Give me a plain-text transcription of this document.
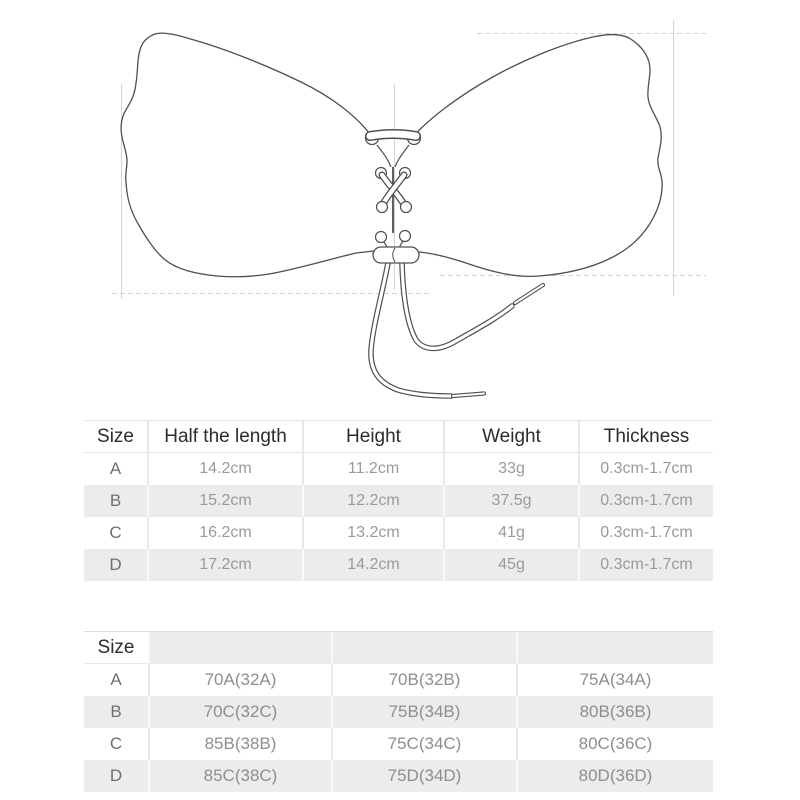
Size	Half the length	Height	Weight	Thickness
A	14.2cm	11.2cm	33g	0.3cm-1.7cm
B	15.2cm	12.2cm	37.5g	0.3cm-1.7cm
C	16.2cm	13.2cm	41g	0.3cm-1.7cm
D	17.2cm	14.2cm	45g	0.3cm-1.7cm
Size			
A	70A(32A)	70B(32B)	75A(34A)
B	70C(32C)	75B(34B)	80B(36B)
C	85B(38B)	75C(34C)	80C(36C)
D	85C(38C)	75D(34D)	80D(36D)
